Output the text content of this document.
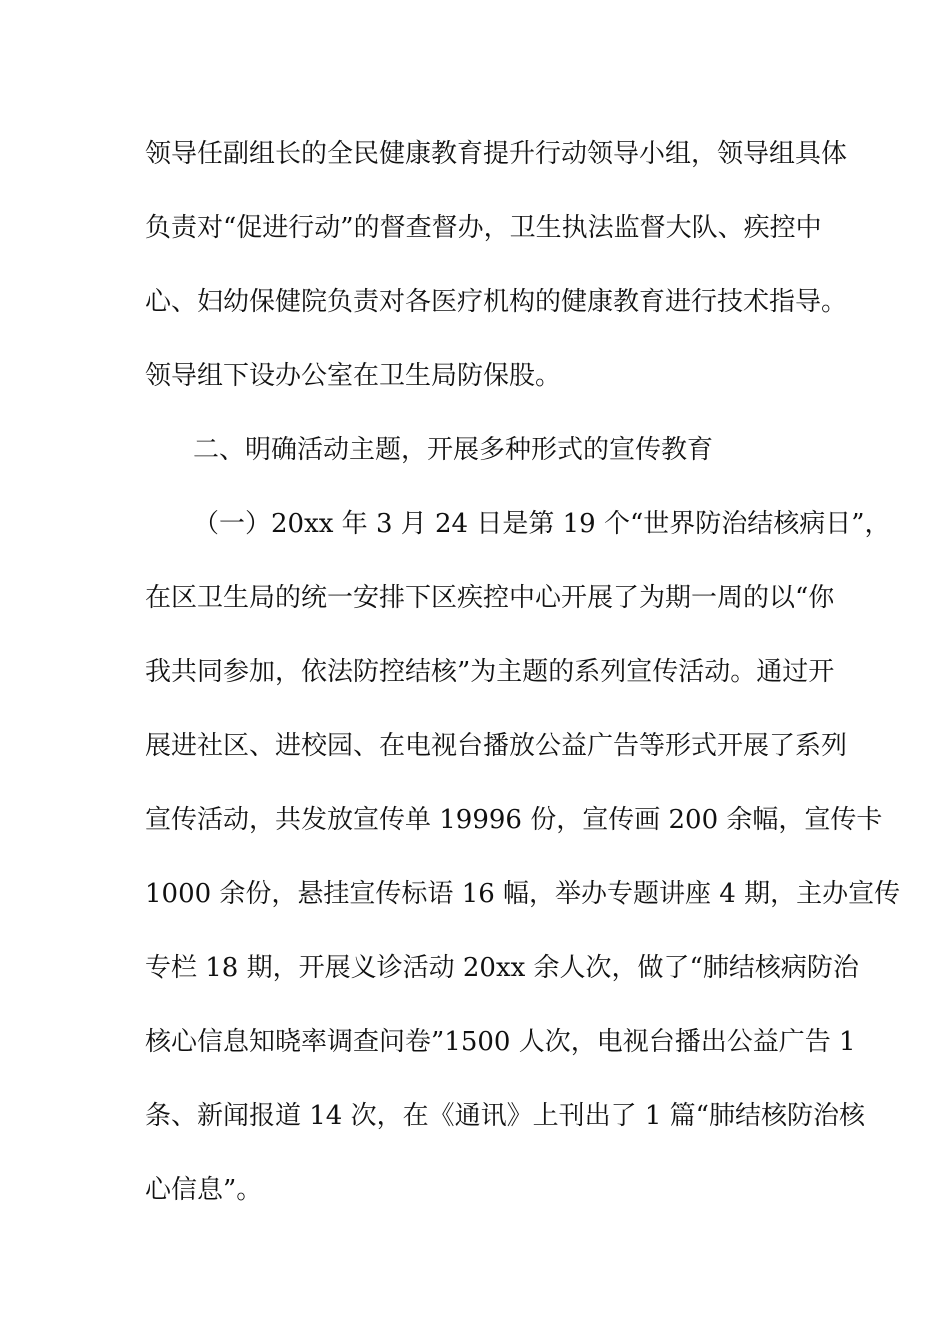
领导任副组长的全民健康教育提升行动领导小组，领导组具体
负责对“促进行动”的督查督办，卫生执法监督大队、疾控中
心、妇幼保健院负责对各医疗机构的健康教育进行技术指导。
领导组下设办公室在卫生局防保股。
二、明确活动主题，开展多种形式的宣传教育
（一）20xx 年 3 月 24 日是第 19 个“世界防治结核病日”，
在区卫生局的统一安排下区疾控中心开展了为期一周的以“你
我共同参加，依法防控结核”为主题的系列宣传活动。通过开
展进社区、进校园、在电视台播放公益广告等形式开展了系列
宣传活动，共发放宣传单 19996 份，宣传画 200 余幅，宣传卡
1000 余份，悬挂宣传标语 16 幅，举办专题讲座 4 期，主办宣传
专栏 18 期，开展义诊活动 20xx 余人次，做了“肺结核病防治
核心信息知晓率调查问卷”1500 人次，电视台播出公益广告 1
条、新闻报道 14 次，在《通讯》上刊出了 1 篇“肺结核防治核
心信息”。
